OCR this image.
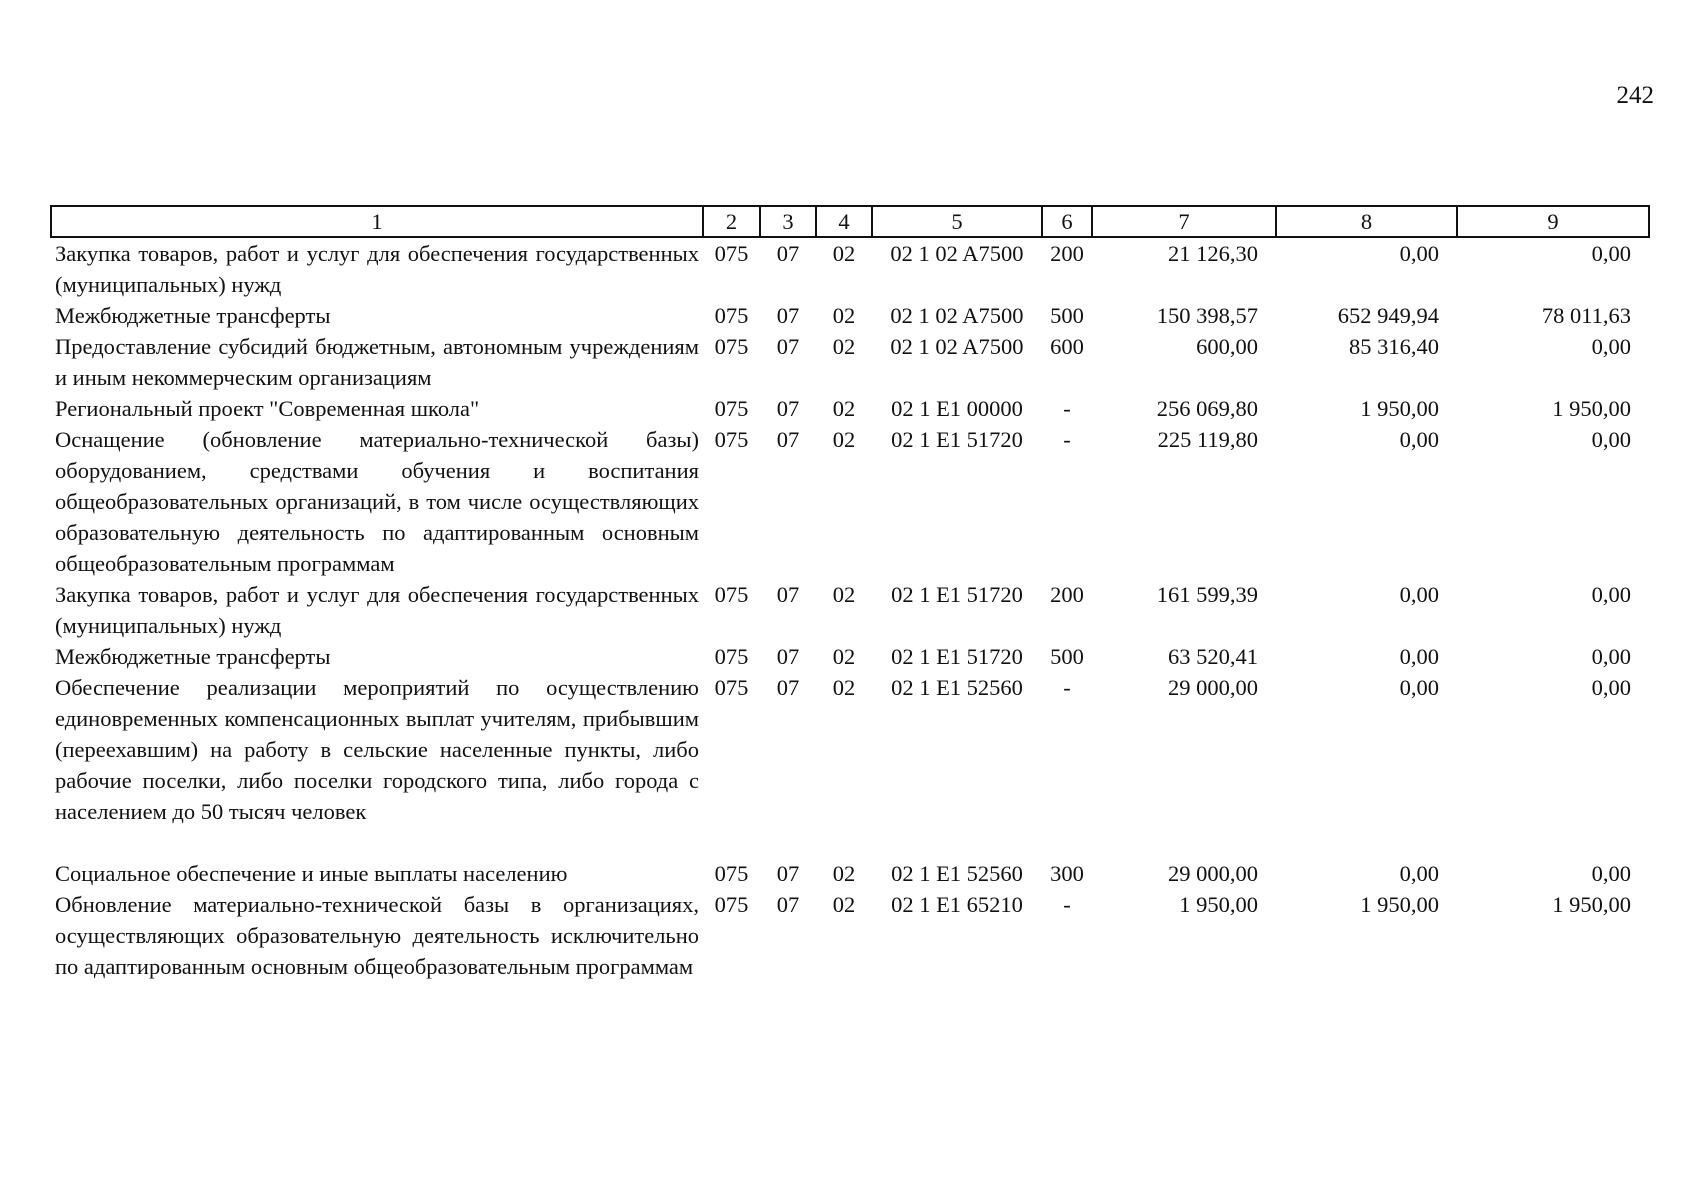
242
1	2	3	4	5	6	7	8	9
Закупка товаров, работ и услуг для обеспечения государственных (муниципальных) нужд	075	07	02	02 1 02 A7500	200	21 126,30	0,00	0,00
Межбюджетные трансферты	075	07	02	02 1 02 A7500	500	150 398,57	652 949,94	78 011,63
Предоставление субсидий бюджетным, автономным учреждениям и иным некоммерческим организациям	075	07	02	02 1 02 A7500	600	600,00	85 316,40	0,00
Региональный проект "Современная школа"	075	07	02	02 1 E1 00000	-	256 069,80	1 950,00	1 950,00
Оснащение (обновление материально-технической базы) оборудованием, средствами обучения и воспитания общеобразовательных организаций, в том числе осуществляющих образовательную деятельность по адаптированным основным общеобразовательным программам	075	07	02	02 1 E1 51720	-	225 119,80	0,00	0,00
Закупка товаров, работ и услуг для обеспечения государственных (муниципальных) нужд	075	07	02	02 1 E1 51720	200	161 599,39	0,00	0,00
Межбюджетные трансферты	075	07	02	02 1 E1 51720	500	63 520,41	0,00	0,00
Обеспечение реализации мероприятий по осуществлению единовременных компенсационных выплат учителям, прибывшим (переехавшим) на работу в сельские населенные пункты, либо рабочие поселки, либо поселки городского типа, либо города с населением до 50 тысяч человек	075	07	02	02 1 E1 52560	-	29 000,00	0,00	0,00
Социальное обеспечение и иные выплаты населению	075	07	02	02 1 E1 52560	300	29 000,00	0,00	0,00
Обновление материально-технической базы в организациях, осуществляющих образовательную деятельность исключительно по адаптированным основным общеобразовательным программам	075	07	02	02 1 E1 65210	-	1 950,00	1 950,00	1 950,00
